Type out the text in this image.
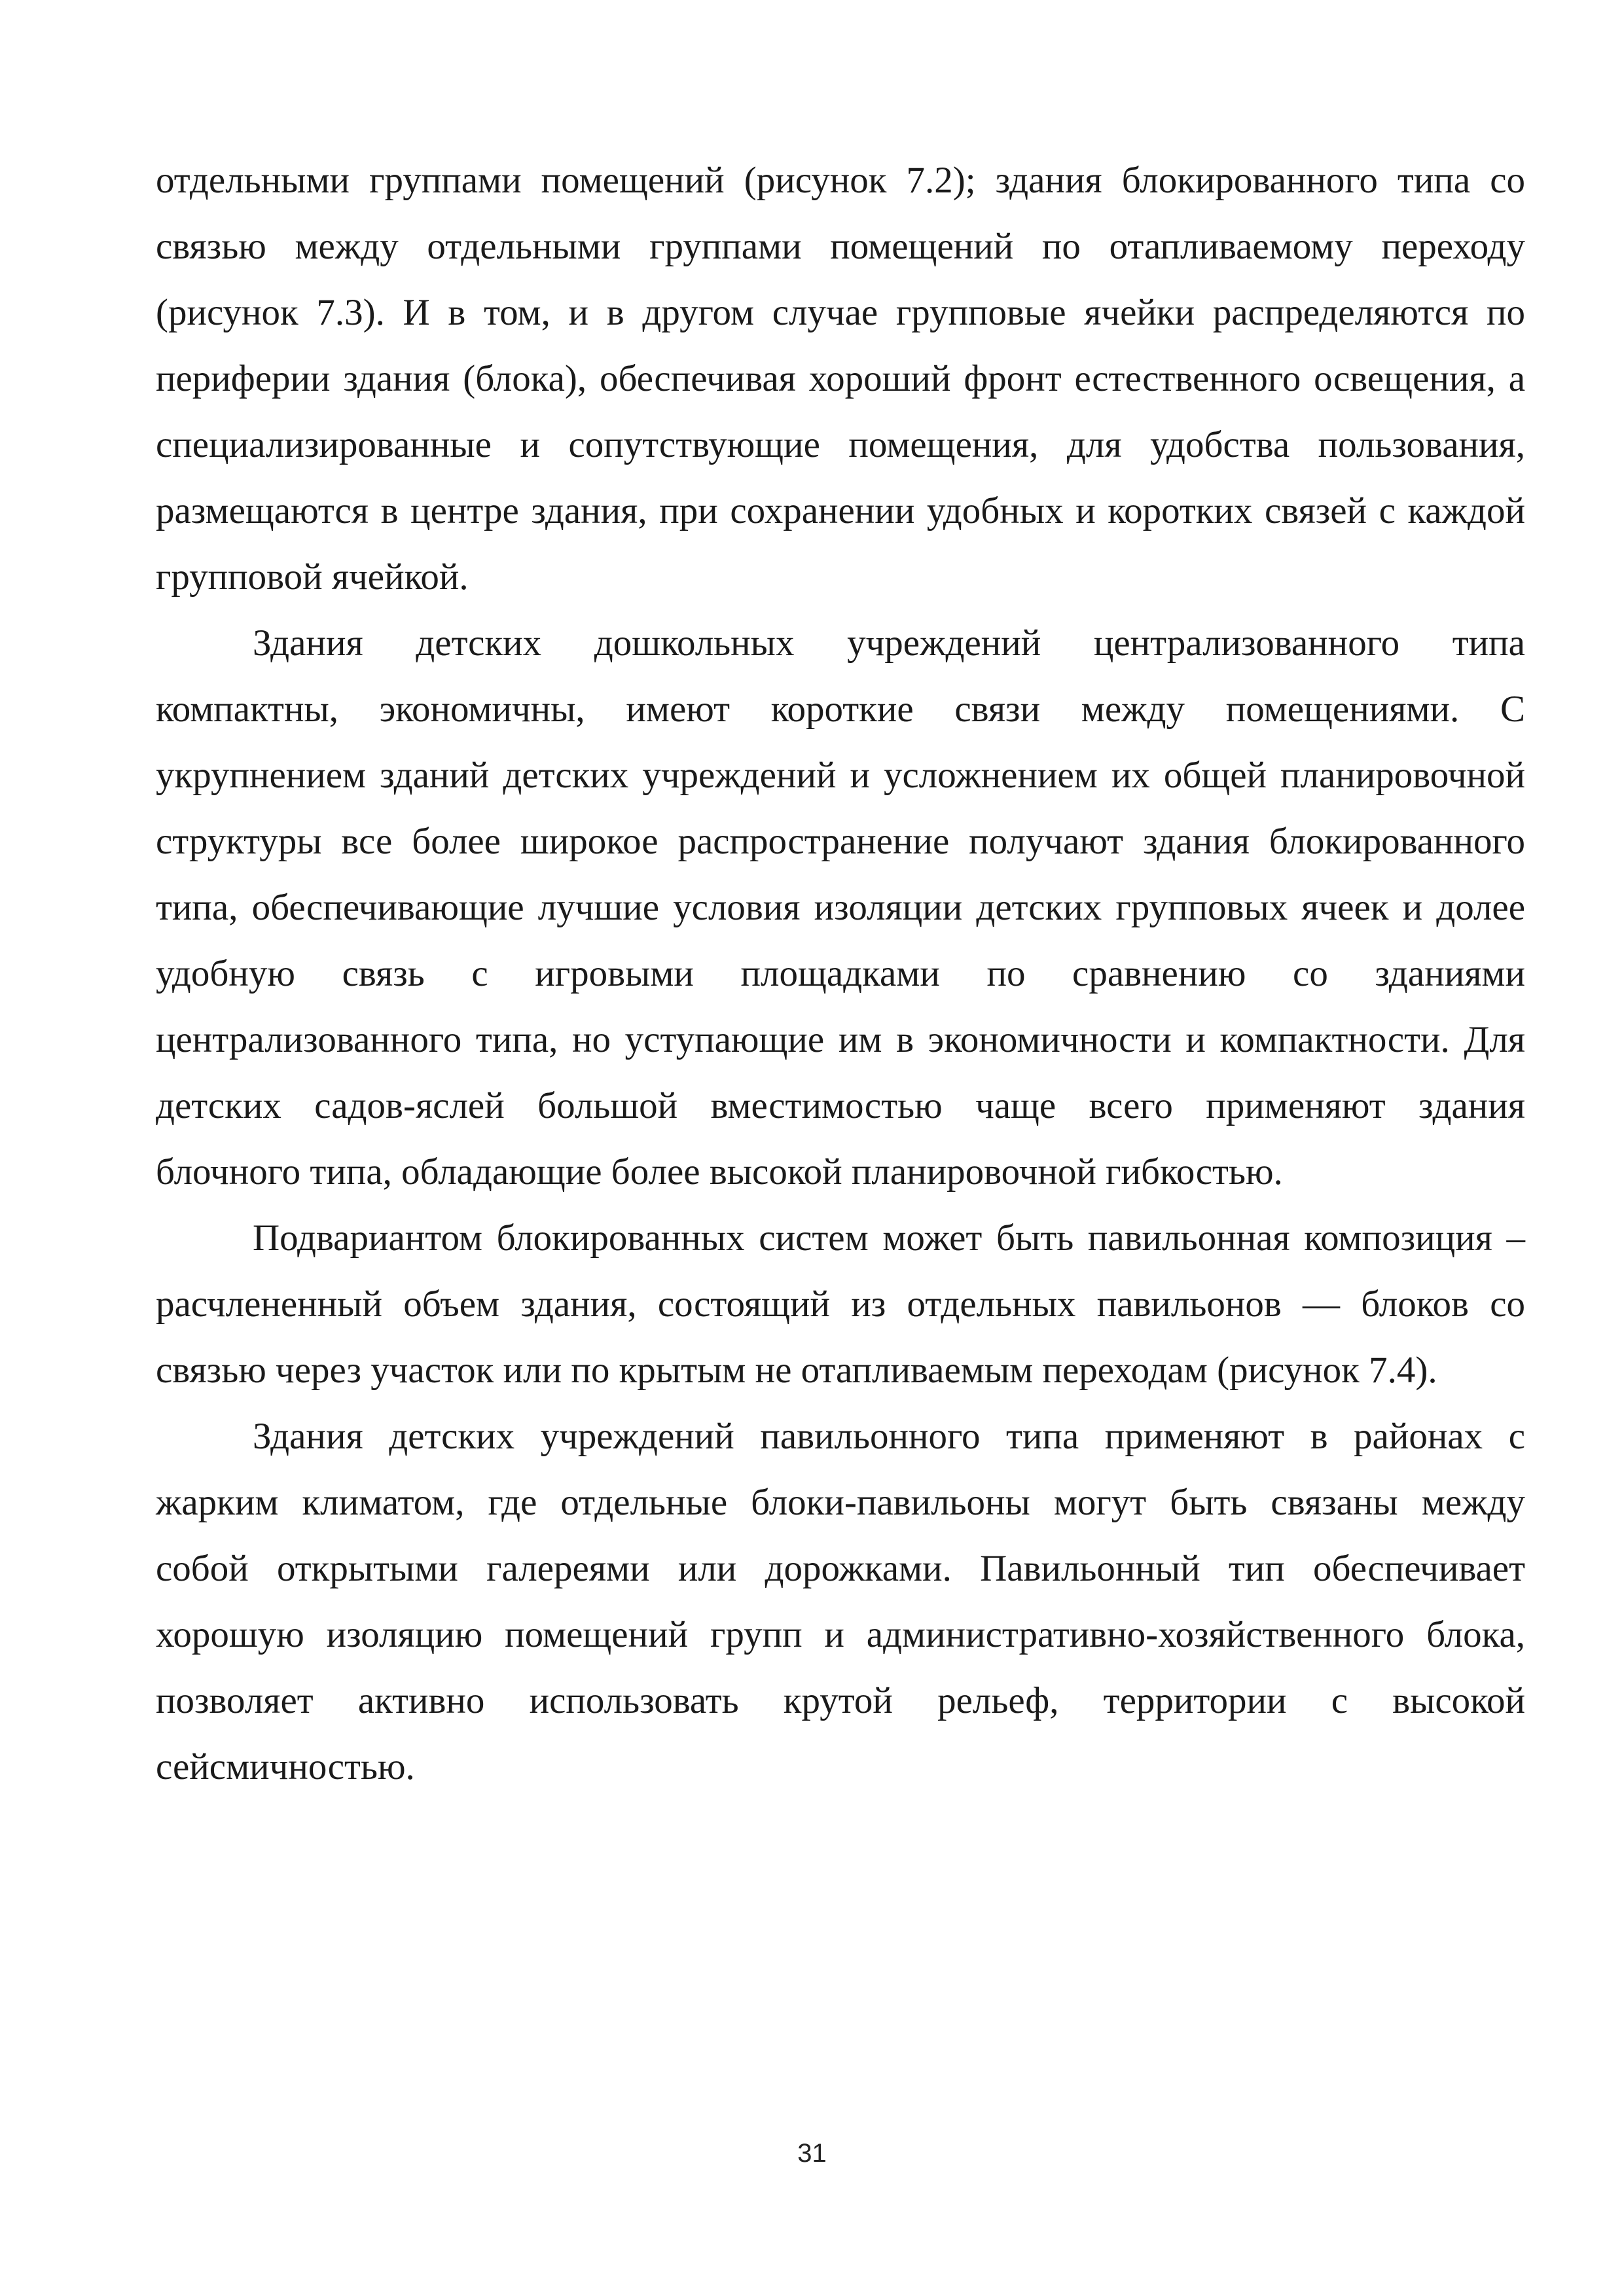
отдельными группами помещений (рисунок 7.2); здания блокированного типа со
связью между отдельными группами помещений по отапливаемому переходу
(рисунок 7.3). И в том, и в другом случае групповые ячейки распределяются по
периферии здания (блока), обеспечивая хороший фронт естественного освещения, а
специализированные и сопутствующие помещения, для удобства пользования,
размещаются в центре здания, при сохранении удобных и коротких связей с каждой
групповой ячейкой.
Здания детских дошкольных учреждений централизованного типа
компактны, экономичны, имеют короткие связи между помещениями. С
укрупнением зданий детских учреждений и усложнением их общей планировочной
структуры все более широкое распространение получают здания блокированного
типа, обеспечивающие лучшие условия изоляции детских групповых ячеек и долее
удобную связь с игровыми площадками по сравнению со зданиями
централизованного типа, но уступающие им в экономичности и компактности. Для
детских садов-яслей большой вместимостью чаще всего применяют здания
блочного типа, обладающие более высокой планировочной гибкостью.
Подвариантом блокированных систем может быть павильонная композиция –
расчлененный объем здания, состоящий из отдельных павильонов — блоков со
связью через участок или по крытым не отапливаемым переходам (рисунок 7.4).
Здания детских учреждений павильонного типа применяют в районах с
жарким климатом, где отдельные блоки-павильоны могут быть связаны между
собой открытыми галереями или дорожками. Павильонный тип обеспечивает
хорошую изоляцию помещений групп и административно-хозяйственного блока,
позволяет активно использовать крутой рельеф, территории с высокой
сейсмичностью.
31
